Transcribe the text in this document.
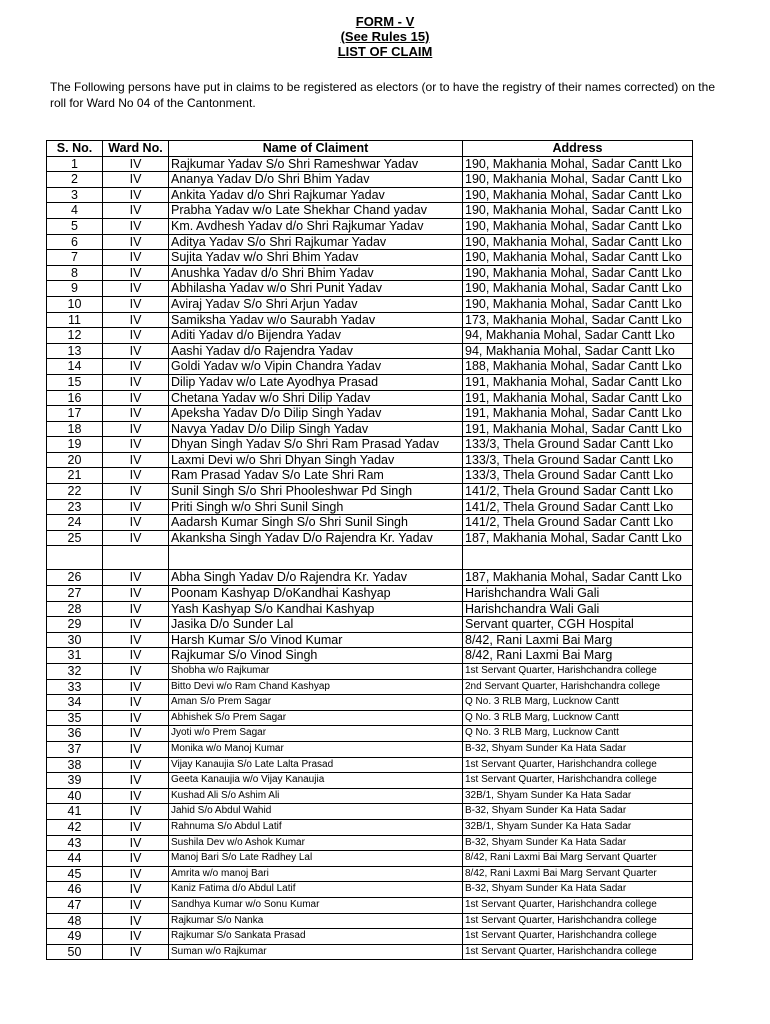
FORM - V
(See Rules 15)
LIST OF CLAIM
The Following persons have put in claims to be registered as electors (or to have the registry of their names corrected) on the roll for Ward No 04 of the Cantonment.
S. No.	Ward No.	Name of Claiment	Address
1	IV	Rajkumar Yadav S/o Shri Rameshwar Yadav	190, Makhania Mohal, Sadar Cantt Lko
2	IV	Ananya Yadav D/o Shri Bhim Yadav	190, Makhania Mohal, Sadar Cantt Lko
3	IV	Ankita Yadav d/o Shri Rajkumar Yadav	190, Makhania Mohal, Sadar Cantt Lko
4	IV	Prabha Yadav w/o Late Shekhar Chand yadav	190, Makhania Mohal, Sadar Cantt Lko
5	IV	Km. Avdhesh Yadav d/o Shri Rajkumar Yadav	190, Makhania Mohal, Sadar Cantt Lko
6	IV	Aditya Yadav S/o Shri Rajkumar Yadav	190, Makhania Mohal, Sadar Cantt Lko
7	IV	Sujita Yadav w/o Shri Bhim Yadav	190, Makhania Mohal, Sadar Cantt Lko
8	IV	Anushka Yadav d/o Shri Bhim Yadav	190, Makhania Mohal, Sadar Cantt Lko
9	IV	Abhilasha Yadav w/o Shri Punit Yadav	190, Makhania Mohal, Sadar Cantt Lko
10	IV	Aviraj Yadav S/o Shri Arjun Yadav	190, Makhania Mohal, Sadar Cantt Lko
11	IV	Samiksha Yadav w/o Saurabh Yadav	173, Makhania Mohal, Sadar Cantt Lko
12	IV	Aditi Yadav d/o Bijendra Yadav	94, Makhania Mohal, Sadar Cantt Lko
13	IV	Aashi Yadav d/o Rajendra Yadav	94, Makhania Mohal, Sadar Cantt Lko
14	IV	Goldi Yadav w/o Vipin Chandra Yadav	188, Makhania Mohal, Sadar Cantt Lko
15	IV	Dilip Yadav w/o Late Ayodhya Prasad	191, Makhania Mohal, Sadar Cantt Lko
16	IV	Chetana Yadav w/o Shri Dilip Yadav	191, Makhania Mohal, Sadar Cantt Lko
17	IV	Apeksha Yadav D/o Dilip Singh Yadav	191, Makhania Mohal, Sadar Cantt Lko
18	IV	Navya Yadav D/o Dilip Singh Yadav	191, Makhania Mohal, Sadar Cantt Lko
19	IV	Dhyan Singh Yadav S/o Shri Ram Prasad Yadav	133/3, Thela Ground Sadar Cantt Lko
20	IV	Laxmi Devi w/o Shri Dhyan Singh Yadav	133/3, Thela Ground Sadar Cantt Lko
21	IV	Ram Prasad Yadav S/o Late Shri Ram	133/3, Thela Ground Sadar Cantt Lko
22	IV	Sunil Singh S/o Shri Phooleshwar Pd Singh	141/2, Thela Ground Sadar Cantt Lko
23	IV	Priti Singh w/o Shri Sunil Singh	141/2, Thela Ground Sadar Cantt Lko
24	IV	Aadarsh Kumar Singh S/o Shri Sunil Singh	141/2, Thela Ground Sadar Cantt Lko
25	IV	Akanksha Singh Yadav D/o Rajendra Kr. Yadav	187, Makhania Mohal, Sadar Cantt Lko

26	IV	Abha Singh Yadav D/o Rajendra Kr. Yadav	187, Makhania Mohal, Sadar Cantt Lko
27	IV	Poonam Kashyap D/oKandhai Kashyap	Harishchandra Wali Gali
28	IV	Yash Kashyap S/o Kandhai Kashyap	Harishchandra Wali Gali
29	IV	Jasika D/o Sunder Lal	Servant quarter, CGH Hospital
30	IV	Harsh Kumar S/o Vinod Kumar	8/42, Rani Laxmi Bai Marg
31	IV	Rajkumar S/o Vinod Singh	8/42, Rani Laxmi Bai Marg
32	IV	Shobha w/o Rajkumar	1st Servant Quarter, Harishchandra college
33	IV	Bitto Devi w/o Ram Chand Kashyap	2nd Servant Quarter, Harishchandra college
34	IV	Aman S/o Prem Sagar	Q No. 3 RLB Marg, Lucknow Cantt
35	IV	Abhishek S/o Prem Sagar	Q No. 3 RLB Marg, Lucknow Cantt
36	IV	Jyoti w/o Prem Sagar	Q No. 3 RLB Marg, Lucknow Cantt
37	IV	Monika w/o Manoj Kumar	B-32, Shyam Sunder Ka Hata Sadar
38	IV	Vijay Kanaujia S/o Late Lalta Prasad	1st Servant Quarter, Harishchandra college
39	IV	Geeta Kanaujia w/o Vijay Kanaujia	1st Servant Quarter, Harishchandra college
40	IV	Kushad Ali S/o Ashim Ali	32B/1, Shyam Sunder Ka Hata Sadar
41	IV	Jahid S/o Abdul Wahid	B-32, Shyam Sunder Ka Hata Sadar
42	IV	Rahnuma S/o Abdul Latif	32B/1, Shyam Sunder Ka Hata Sadar
43	IV	Sushila Dev w/o Ashok Kumar	B-32, Shyam Sunder Ka Hata Sadar
44	IV	Manoj Bari S/o Late Radhey Lal	8/42, Rani Laxmi Bai Marg Servant Quarter
45	IV	Amrita w/o manoj Bari	8/42, Rani Laxmi Bai Marg Servant Quarter
46	IV	Kaniz Fatima d/o Abdul Latif	B-32, Shyam Sunder Ka Hata Sadar
47	IV	Sandhya Kumar w/o Sonu Kumar	1st Servant Quarter, Harishchandra college
48	IV	Rajkumar S/o Nanka	1st Servant Quarter, Harishchandra college
49	IV	Rajkumar S/o Sankata Prasad	1st Servant Quarter, Harishchandra college
50	IV	Suman w/o Rajkumar	1st Servant Quarter, Harishchandra college
